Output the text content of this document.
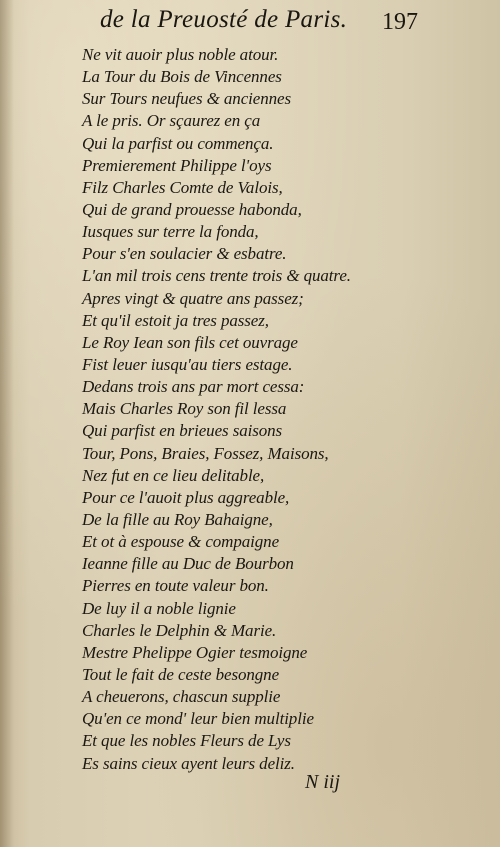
de la Preuosté de Paris. 197
Ne vit auoir plus noble atour.
La Tour du Bois de Vincennes
Sur Tours neufues & anciennes
A le pris. Or sçaurez en ça
Qui la parfist ou commença.
Premierement Philippe l'oys
Filz Charles Comte de Valois,
Qui de grand prouesse habonda,
Iusques sur terre la fonda,
Pour s'en soulacier & esbatre.
L'an mil trois cens trente trois & quatre.
Apres vingt & quatre ans passez;
Et qu'il estoit ja tres passez,
Le Roy Iean son fils cet ouvrage
Fist leuer iusqu'au tiers estage.
Dedans trois ans par mort cessa:
Mais Charles Roy son fil lessa
Qui parfist en brieues saisons
Tour, Pons, Braies, Fossez, Maisons,
Nez fut en ce lieu delitable,
Pour ce l'auoit plus aggreable,
De la fille au Roy Bahaigne,
Et ot à espouse & compaigne
Ieanne fille au Duc de Bourbon
Pierres en toute valeur bon.
De luy il a noble lignie
Charles le Delphin & Marie.
Mestre Phelippe Ogier tesmoigne
Tout le fait de ceste besongne
A cheuerons, chascun supplie
Qu'en ce mond' leur bien multiplie
Et que les nobles Fleurs de Lys
Es sains cieux ayent leurs deliz.
N iij
